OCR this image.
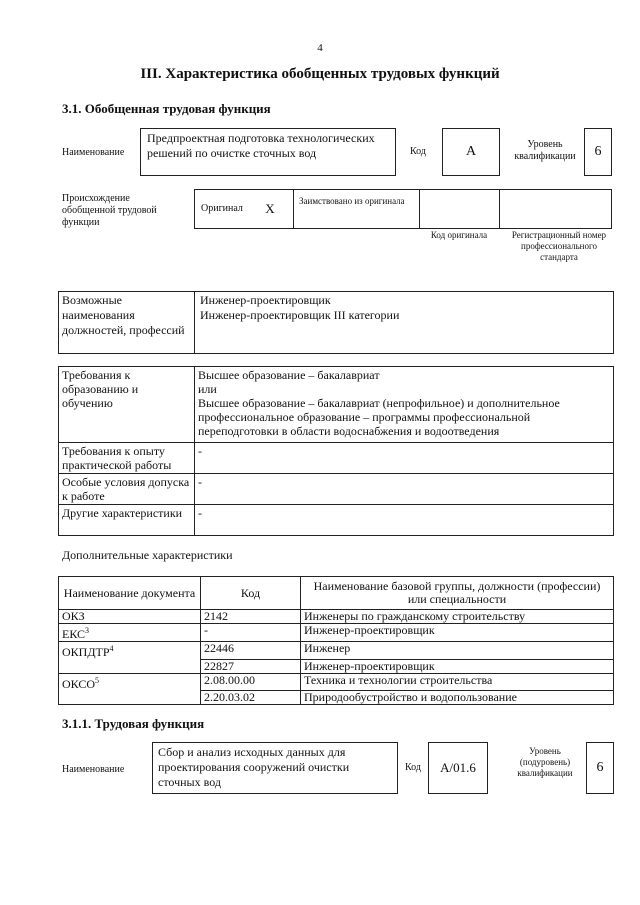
4
III. Характеристика обобщенных трудовых функций
3.1. Обобщенная трудовая функция
Наименование
Предпроектная подготовка технологических решений по очистке сточных вод	Код	A	Уровень квалификации	6
Происхождение обобщенной трудовой функции
Оригинал	X	Заимствовано из оригинала
Код оригинала	Регистрационный номер профессионального стандарта
Возможные наименования должностей, профессий
Инженер-проектировщик
Инженер-проектировщик III категории
Требования к образованию и обучению	Высшее образование – бакалавриат
или
Высшее образование – бакалавриат (непрофильное) и дополнительное профессиональное образование – программы профессиональной переподготовки в области водоснабжения и водоотведения
Требования к опыту практической работы	-
Особые условия допуска к работе	-
Другие характеристики	-
Дополнительные характеристики
Наименование документа	Код	Наименование базовой группы, должности (профессии) или специальности
ОКЗ	2142	Инженеры по гражданскому строительству
ЕКС$^3$	-	Инженер-проектировщик
ОКПДТР$^4$	22446	Инженер
	22827	Инженер-проектировщик
ОКСО$^5$	2.08.00.00	Техника и технологии строительства
	2.20.03.02	Природообустройство и водопользование
3.1.1. Трудовая функция
Наименование
Сбор и анализ исходных данных для проектирования сооружений очистки сточных вод
Код	A/01.6
Уровень (подуровень) квалификации	6
